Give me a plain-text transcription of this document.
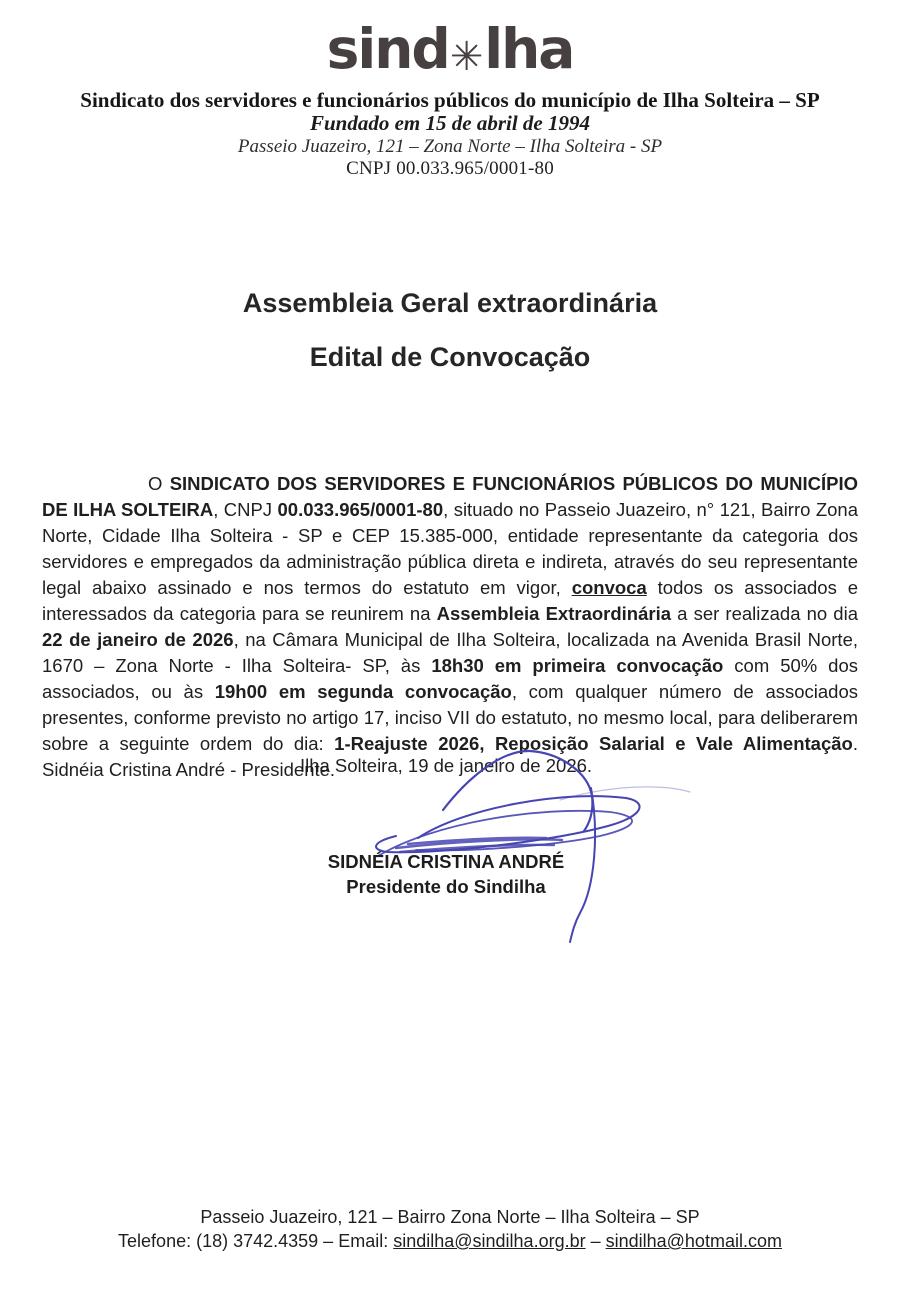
sind✳lha
Sindicato dos servidores e funcionários públicos do município de Ilha Solteira – SP
Fundado em 15 de abril de 1994
Passeio Juazeiro, 121 – Zona Norte – Ilha Solteira - SP
CNPJ 00.033.965/0001-80
Assembleia Geral extraordinária
Edital de Convocação

O SINDICATO DOS SERVIDORES E FUNCIONÁRIOS PÚBLICOS DO MUNICÍPIO DE ILHA SOLTEIRA, CNPJ 00.033.965/0001-80, situado no Passeio Juazeiro, n° 121, Bairro Zona Norte, Cidade Ilha Solteira - SP e CEP 15.385-000, entidade representante da categoria dos servidores e empregados da administração pública direta e indireta, através do seu representante legal abaixo assinado e nos termos do estatuto em vigor, convoca todos os associados e interessados da categoria para se reunirem na Assembleia Extraordinária a ser realizada no dia 22 de janeiro de 2026, na Câmara Municipal de Ilha Solteira, localizada na Avenida Brasil Norte, 1670 – Zona Norte - Ilha Solteira- SP, às 18h30 em primeira convocação com 50% dos associados, ou às 19h00 em segunda convocação, com qualquer número de associados presentes, conforme previsto no artigo 17, inciso VII do estatuto, no mesmo local, para deliberarem sobre a seguinte ordem do dia: 1-Reajuste 2026, Reposição Salarial e Vale Alimentação. Sidnéia Cristina André - Presidente.

Ilha Solteira, 19 de janeiro de 2026.
SIDNÉIA CRISTINA ANDRÉ
Presidente do Sindilha
Passeio Juazeiro, 121 – Bairro Zona Norte – Ilha Solteira – SP
Telefone: (18) 3742.4359 – Email: sindilha@sindilha.org.br – sindilha@hotmail.com
